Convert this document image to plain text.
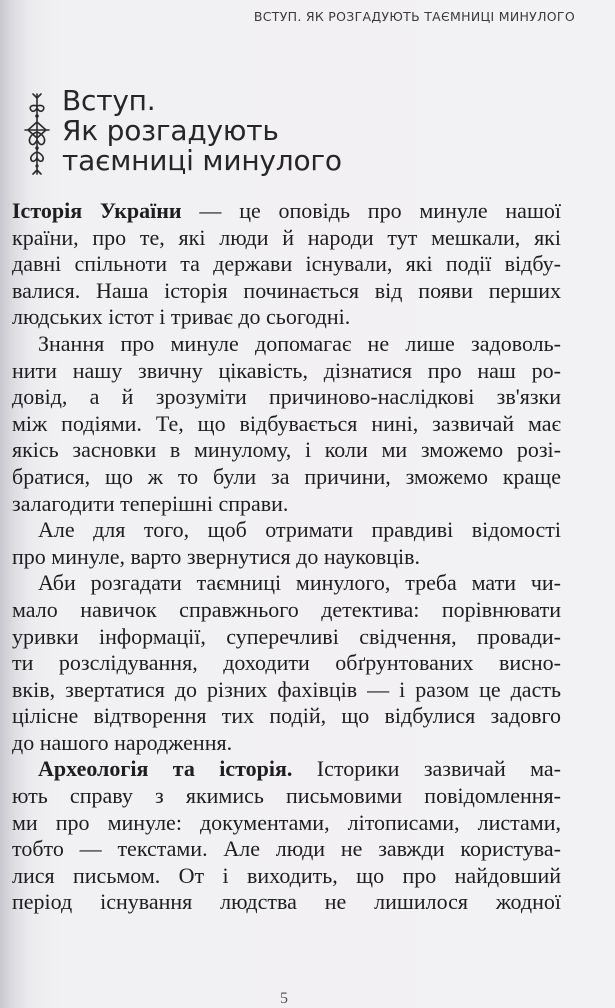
ВСТУП. ЯК РОЗГАДУЮТЬ ТАЄМНИЦІ МИНУЛОГО
Вступ.
Як розгадують
таємниці минулого
Історія України — це оповідь про минуле нашої
країни, про те, які люди й народи тут мешкали, які
давні спільноти та держави існували, які події відбу-
валися. Наша історія починається від появи перших
людських істот і триває до сьогодні.
Знання про минуле допомагає не лише задоволь-
нити нашу звичну цікавість, дізнатися про наш ро-
довід, а й зрозуміти причиново-наслідкові зв'язки
між подіями. Те, що відбувається нині, зазвичай має
якісь засновки в минулому, і коли ми зможемо розі-
братися, що ж то були за причини, зможемо краще
залагодити теперішні справи.
Але для того, щоб отримати правдиві відомості
про минуле, варто звернутися до науковців.
Аби розгадати таємниці минулого, треба мати чи-
мало навичок справжнього детектива: порівнювати
уривки інформації, суперечливі свідчення, провади-
ти розслідування, доходити обґрунтованих висно-
вків, звертатися до різних фахівців — і разом це дасть
цілісне відтворення тих подій, що відбулися задовго
до нашого народження.
Археологія та історія. Історики зазвичай ма-
ють справу з якимись письмовими повідомлення-
ми про минуле: документами, літописами, листами,
тобто — текстами. Але люди не завжди користува-
лися письмом. От і виходить, що про найдовший
період існування людства не лишилося жодної
5
